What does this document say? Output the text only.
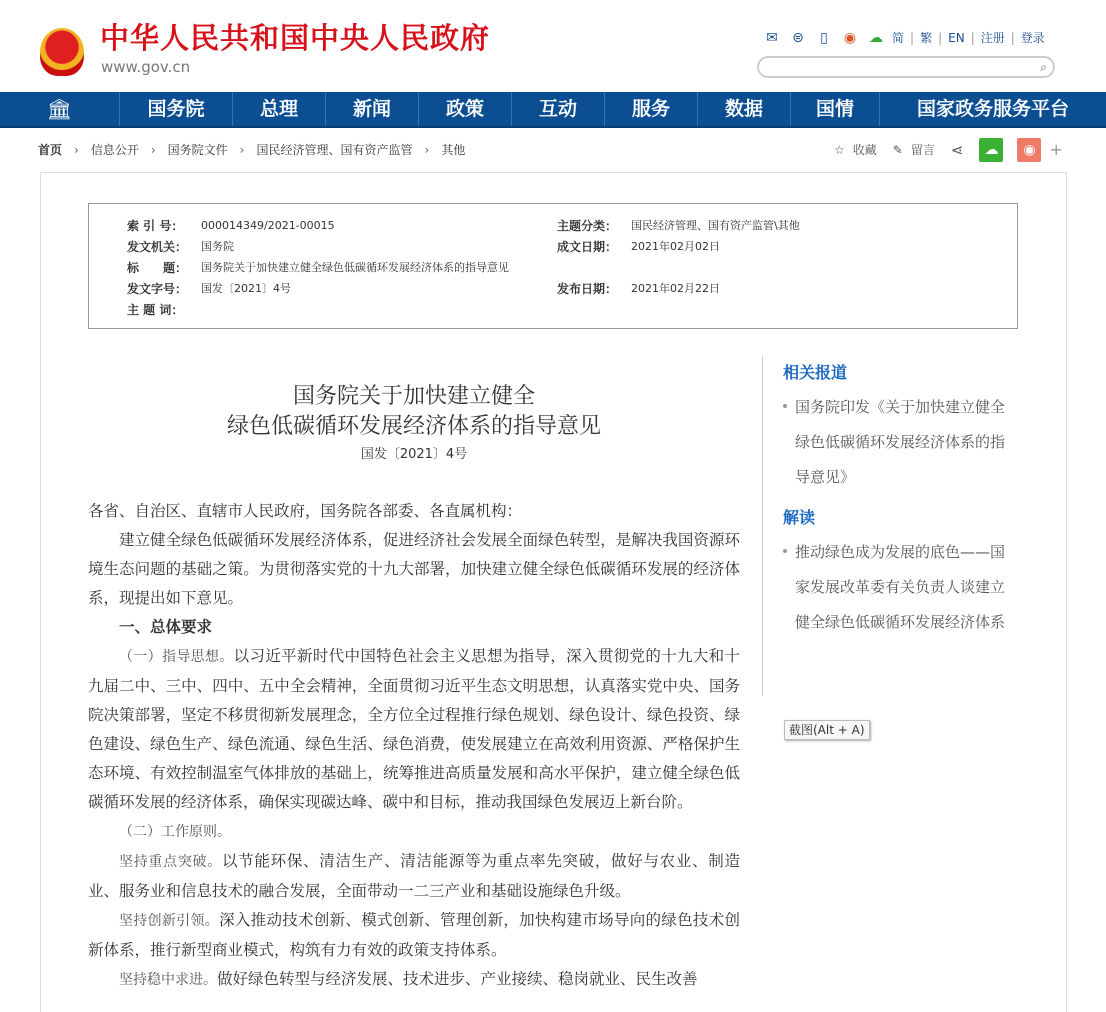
中华人民共和国中央人民政府
www.gov.cn
✉ ⊜	▯	◉ ☁ 简 | 繁 | EN | 注册 | 登录
⌕
🏛	国务院	总理	新闻	政策	互动	服务	数据	国情	国家政务服务平台
首页 › 信息公开 › 国务院文件 › 国民经济管理、国有资产监管 › 其他	☆ 收藏 ✎ 留言 ⋖	☁	◉ +
索 引 号：	000014349/2021-00015	主题分类：	国民经济管理、国有资产监管\其他
发文机关：	国务院	成文日期：	2021年02月02日
标　　题：	国务院关于加快建立健全绿色低碳循环发展经济体系的指导意见
发文字号：	国发〔2021〕4号	发布日期：	2021年02月22日
主 题 词：
国务院关于加快建立健全
绿色低碳循环发展经济体系的指导意见
国发〔2021〕4号

各省、自治区、直辖市人民政府，国务院各部委、各直属机构：

建立健全绿色低碳循环发展经济体系，促进经济社会发展全面绿色转型，是解决我国资源环境生态问题的基础之策。为贯彻落实党的十九大部署，加快建立健全绿色低碳循环发展的经济体系，现提出如下意见。

一、总体要求

（一）指导思想。以习近平新时代中国特色社会主义思想为指导，深入贯彻党的十九大和十九届二中、三中、四中、五中全会精神，全面贯彻习近平生态文明思想，认真落实党中央、国务院决策部署，坚定不移贯彻新发展理念，全方位全过程推行绿色规划、绿色设计、绿色投资、绿色建设、绿色生产、绿色流通、绿色生活、绿色消费，使发展建立在高效利用资源、严格保护生态环境、有效控制温室气体排放的基础上，统筹推进高质量发展和高水平保护，建立健全绿色低碳循环发展的经济体系，确保实现碳达峰、碳中和目标，推动我国绿色发展迈上新台阶。

（二）工作原则。

坚持重点突破。以节能环保、清洁生产、清洁能源等为重点率先突破，做好与农业、制造业、服务业和信息技术的融合发展，全面带动一二三产业和基础设施绿色升级。

坚持创新引领。深入推动技术创新、模式创新、管理创新，加快构建市场导向的绿色技术创新体系，推行新型商业模式，构筑有力有效的政策支持体系。

坚持稳中求进。做好绿色转型与经济发展、技术进步、产业接续、稳岗就业、民生改善

相关报道
国务院印发《关于加快建立健全绿色低碳循环发展经济体系的指导意见》
解读
推动绿色成为发展的底色——国家发展改革委有关负责人谈建立健全绿色低碳循环发展经济体系
截图(Alt + A)
